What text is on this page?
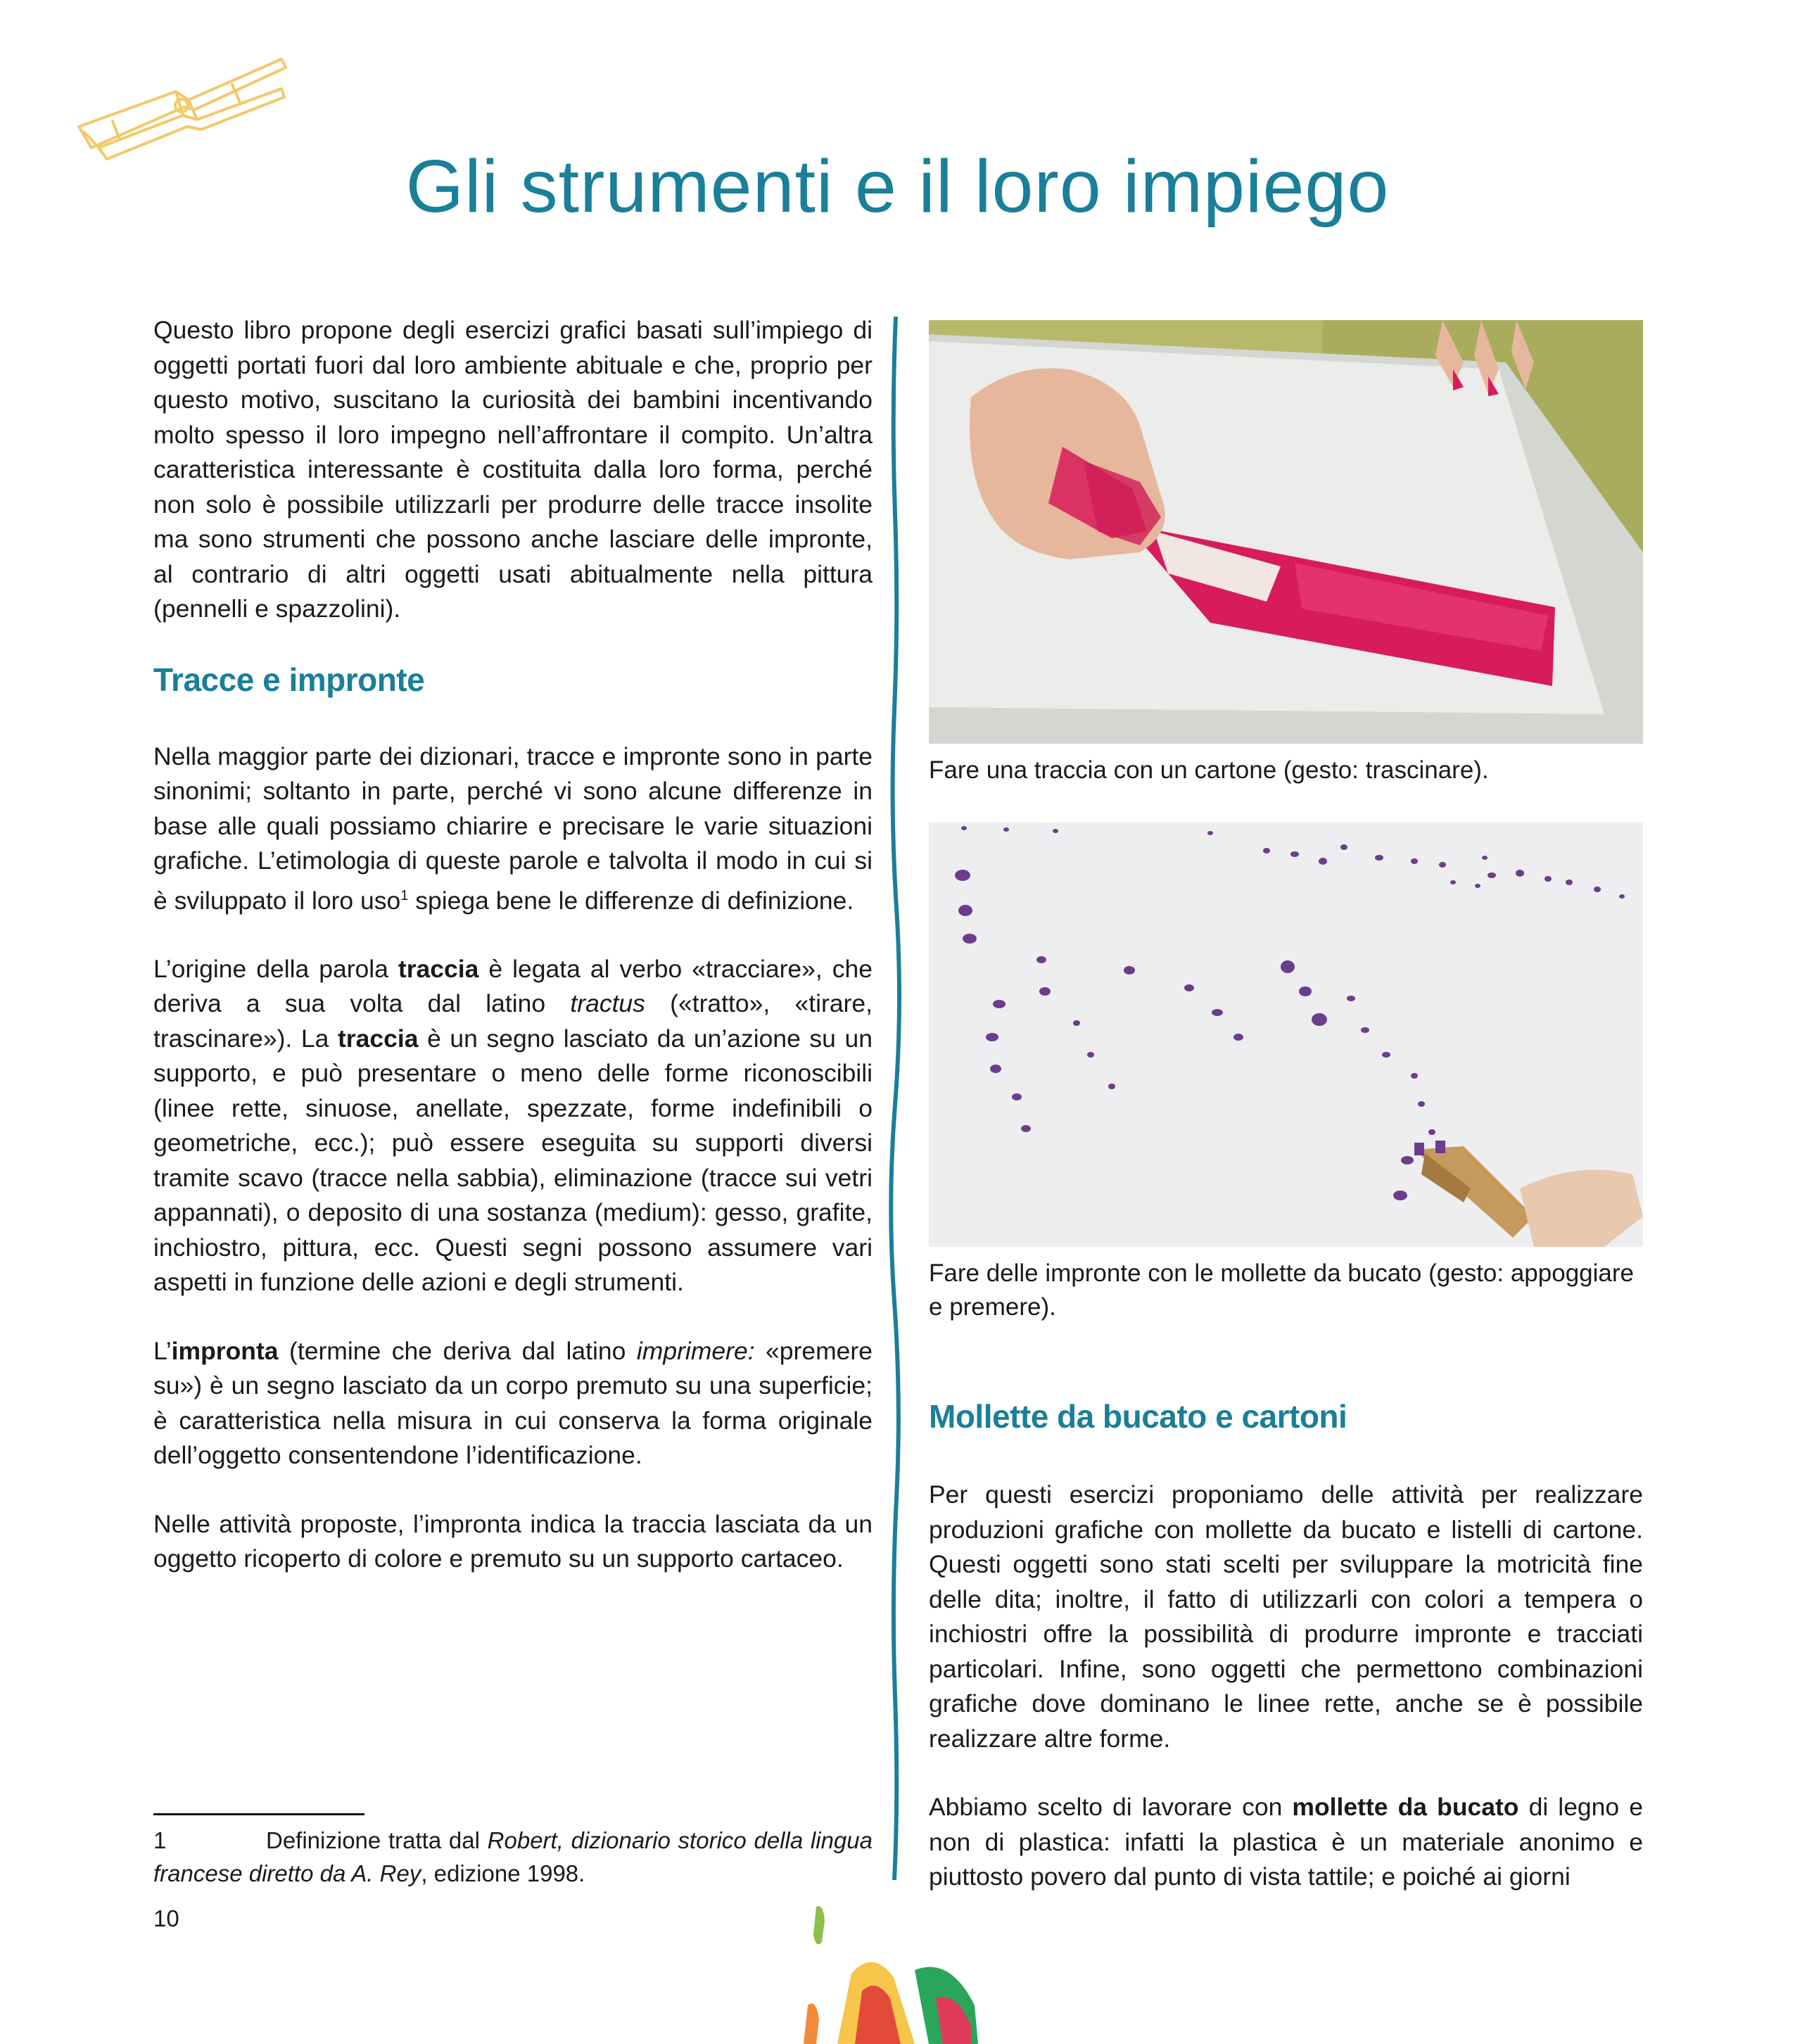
Gli strumenti e il loro impiego

Questo libro propone degli esercizi grafici basati sull’impiego di oggetti portati fuori dal loro ambiente abituale e che, proprio per questo motivo, suscitano la curiosità dei bambini incentivando molto spesso il loro impegno nell’affrontare il compito. Un’altra caratteristica interessante è costituita dalla loro forma, perché non solo è possibile utilizzarli per produrre delle tracce insolite ma sono strumenti che possono anche lasciare delle impronte, al contrario di altri oggetti usati abitualmente nella pittura (pennelli e spazzolini).

Tracce e impronte

Nella maggior parte dei dizionari, tracce e impronte sono in parte sinonimi; soltanto in parte, perché vi sono alcune differenze in base alle quali possiamo chiarire e precisare le varie situazioni grafiche. L’etimologia di queste parole e talvolta il modo in cui si è sviluppato il loro uso$^1$ spiega bene le differenze di definizione.

L’origine della parola traccia è legata al verbo «tracciare», che deriva a sua volta dal latino tractus («tratto», «tirare, trascinare»). La traccia è un segno lasciato da un’azione su un supporto, e può presentare o meno delle forme riconoscibili (linee rette, sinuose, anellate, spezzate, forme indefinibili o geometriche, ecc.); può essere eseguita su supporti diversi tramite scavo (tracce nella sabbia), eliminazione (tracce sui vetri appannati), o deposito di una sostanza (medium): gesso, grafite, inchiostro, pittura, ecc. Questi segni possono assumere vari aspetti in funzione delle azioni e degli strumenti.

L’impronta (termine che deriva dal latino imprimere: «premere su») è un segno lasciato da un corpo premuto su una superficie; è caratteristica nella misura in cui conserva la forma originale dell’oggetto consentendone l’identificazione.

Nelle attività proposte, l’impronta indica la traccia lasciata da un oggetto ricoperto di colore e premuto su un supporto cartaceo.

Fare una traccia con un cartone (gesto: trascinare).

Fare delle impronte con le mollette da bucato (gesto: appoggiare e premere).

Mollette da bucato e cartoni

Per questi esercizi proponiamo delle attività per realizzare produzioni grafiche con mollette da bucato e listelli di cartone. Questi oggetti sono stati scelti per sviluppare la motricità fine delle dita; inoltre, il fatto di utilizzarli con colori a tempera o inchiostri offre la possibilità di produrre impronte e tracciati particolari. Infine, sono oggetti che permettono combinazioni grafiche dove dominano le linee rette, anche se è possibile realizzare altre forme.

Abbiamo scelto di lavorare con mollette da bucato di legno e non di plastica: infatti la plastica è un materiale anonimo e piuttosto povero dal punto di vista tattile; e poiché ai giorni

1	Definizione tratta dal Robert, dizionario storico della lingua francese diretto da A. Rey, edizione 1998.

10
